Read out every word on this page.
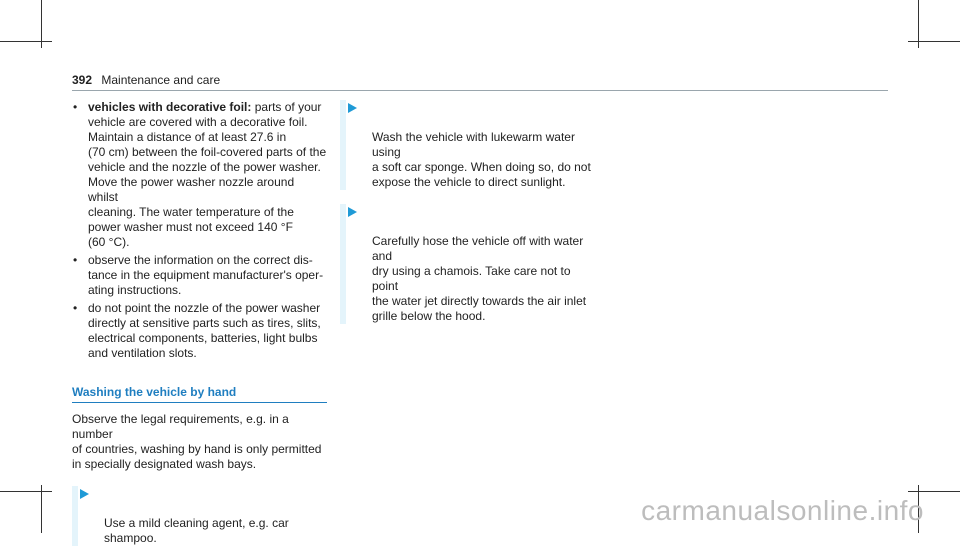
392 Maintenance and care
• vehicles with decorative foil: parts of your
vehicle are covered with a decorative foil.
Maintain a distance of at least 27.6 in
(70 cm) between the foil-covered parts of the
vehicle and the nozzle of the power washer.
Move the power washer nozzle around whilst
cleaning. The water temperature of the
power washer must not exceed 140 °F
(60 °C).
• observe the information on the correct dis-
tance in the equipment manufacturer's oper-
ating instructions.
• do not point the nozzle of the power washer
directly at sensitive parts such as tires, slits,
electrical components, batteries, light bulbs
and ventilation slots.
Washing the vehicle by hand
Observe the legal requirements, e.g. in a number
of countries, washing by hand is only permitted
in specially designated wash bays.

Use a mild cleaning agent, e.g. car shampoo.

Wash the vehicle with lukewarm water using
a soft car sponge. When doing so, do not
expose the vehicle to direct sunlight.

Carefully hose the vehicle off with water and
dry using a chamois. Take care not to point
the water jet directly towards the air inlet
grille below the hood.

carmanualsonline.info
